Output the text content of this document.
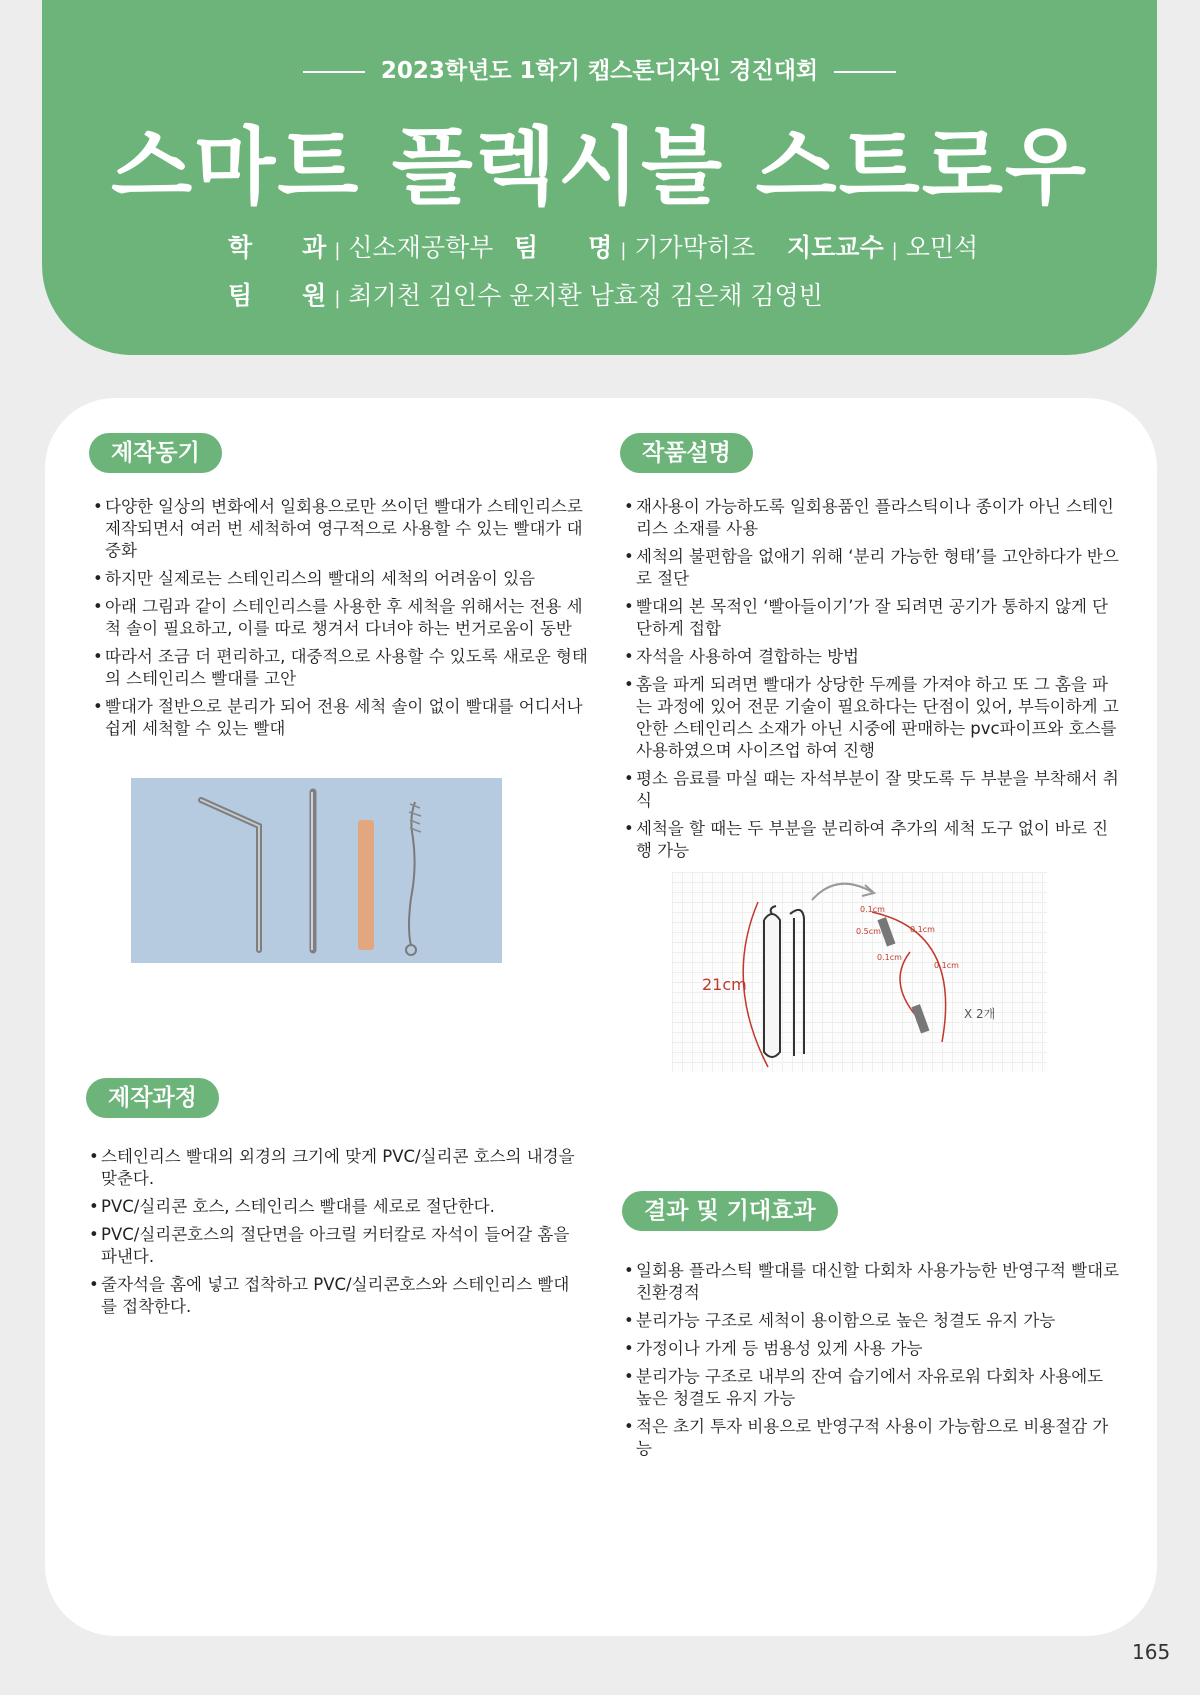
2023학년도 1학기 캡스톤디자인 경진대회
스마트 플렉시블 스트로우
학　　과 | 신소재공학부 팀　　명 | 기가막히조 지도교수 | 오민석
팀　　원 | 최기천 김인수 윤지환 남효정 김은채 김영빈
제작동기
• 다양한 일상의 변화에서 일회용으로만 쓰이던 빨대가 스테인리스로 제작되면서 여러 번 세척하여 영구적으로 사용할 수 있는 빨대가 대중화
• 하지만 실제로는 스테인리스의 빨대의 세척의 어려움이 있음
• 아래 그림과 같이 스테인리스를 사용한 후 세척을 위해서는 전용 세척 솔이 필요하고, 이를 따로 챙겨서 다녀야 하는 번거로움이 동반
• 따라서 조금 더 편리하고, 대중적으로 사용할 수 있도록 새로운 형태의 스테인리스 빨대를 고안
• 빨대가 절반으로 분리가 되어 전용 세척 솔이 없이 빨대를 어디서나 쉽게 세척할 수 있는 빨대
제작과정
• 스테인리스 빨대의 외경의 크기에 맞게 PVC/실리콘 호스의 내경을 맞춘다.
• PVC/실리콘 호스, 스테인리스 빨대를 세로로 절단한다.
• PVC/실리콘호스의 절단면을 아크릴 커터칼로 자석이 들어갈 홈을 파낸다.
• 줄자석을 홈에 넣고 접착하고 PVC/실리콘호스와 스테인리스 빨대를 접착한다.
작품설명
• 재사용이 가능하도록 일회용품인 플라스틱이나 종이가 아닌 스테인리스 소재를 사용
• 세척의 불편함을 없애기 위해 ‘분리 가능한 형태’를 고안하다가 반으로 절단
• 빨대의 본 목적인 ‘빨아들이기’가 잘 되려면 공기가 통하지 않게 단단하게 접합
• 자석을 사용하여 결합하는 방법
• 홈을 파게 되려면 빨대가 상당한 두께를 가져야 하고 또 그 홈을 파는 과정에 있어 전문 기술이 필요하다는 단점이 있어, 부득이하게 고안한 스테인리스 소재가 아닌 시중에 판매하는 pvc파이프와 호스를 사용하였으며 사이즈업 하여 진행
• 평소 음료를 마실 때는 자석부분이 잘 맞도록 두 부분을 부착해서 취식
• 세척을 할 때는 두 부분을 분리하여 추가의 세척 도구 없이 바로 진행 가능
21cm
0.1cm
0.5cm	0.1cm
0.1cm
0.1cm
X 2개
결과 및 기대효과
• 일회용 플라스틱 빨대를 대신할 다회차 사용가능한 반영구적 빨대로 친환경적
• 분리가능 구조로 세척이 용이함으로 높은 청결도 유지 가능
• 가정이나 가게 등 범용성 있게 사용 가능
• 분리가능 구조로 내부의 잔여 습기에서 자유로워 다회차 사용에도 높은 청결도 유지 가능
• 적은 초기 투자 비용으로 반영구적 사용이 가능함으로 비용절감 가능
165
